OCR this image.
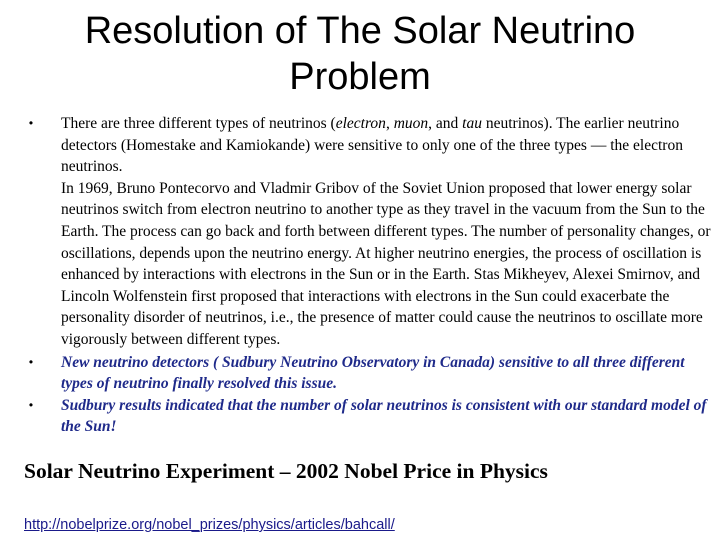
Resolution of The Solar Neutrino Problem
•	There are three different types of neutrinos (electron, muon, and tau neutrinos). The earlier neutrino detectors (Homestake and Kamiokande) were sensitive to only one of the three types — the electron neutrinos.
In 1969, Bruno Pontecorvo and Vladmir Gribov of the Soviet Union proposed that lower energy solar neutrinos switch from electron neutrino to another type as they travel in the vacuum from the Sun to the Earth. The process can go back and forth between different types. The number of personality changes, or oscillations, depends upon the neutrino energy. At higher neutrino energies, the process of oscillation is enhanced by interactions with electrons in the Sun or in the Earth. Stas Mikheyev, Alexei Smirnov, and Lincoln Wolfenstein first proposed that interactions with electrons in the Sun could exacerbate the personality disorder of neutrinos, i.e., the presence of matter could cause the neutrinos to oscillate more vigorously between different types.
•	New neutrino detectors ( Sudbury Neutrino Observatory in Canada) sensitive to all three different types of neutrino finally resolved this issue.
•	Sudbury results indicated that the number of solar neutrinos is consistent with our standard model of the Sun!

Solar Neutrino Experiment – 2002 Nobel Price in Physics

http://nobelprize.org/nobel_prizes/physics/articles/bahcall/
